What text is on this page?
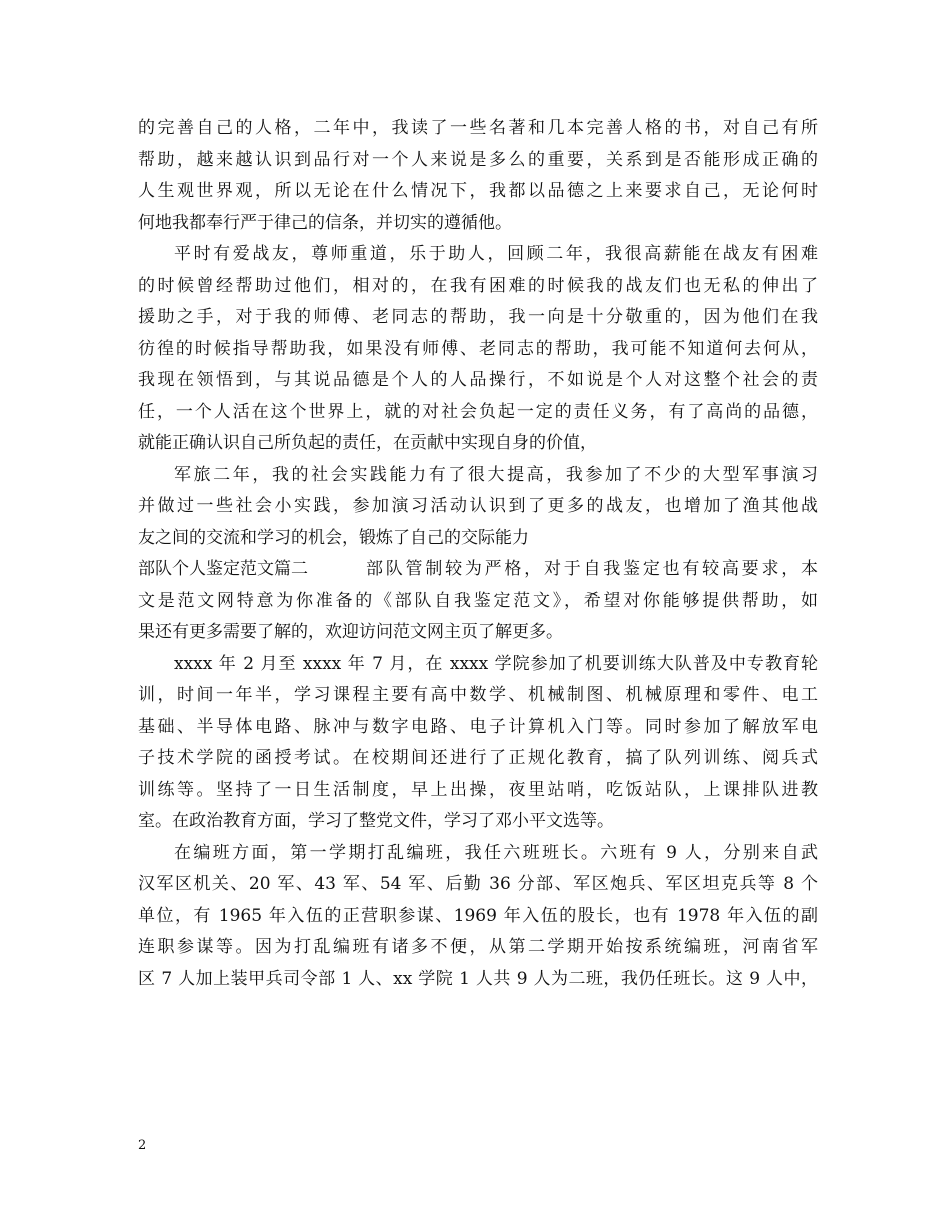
的完善自己的人格，二年中，我读了一些名著和几本完善人格的书，对自己有所
帮助，越来越认识到品行对一个人来说是多么的重要，关系到是否能形成正确的
人生观世界观，所以无论在什么情况下，我都以品德之上来要求自己，无论何时
何地我都奉行严于律己的信条，并切实的遵循他。
平时有爱战友，尊师重道，乐于助人，回顾二年，我很高薪能在战友有困难
的时候曾经帮助过他们，相对的，在我有困难的时候我的战友们也无私的伸出了
援助之手，对于我的师傅、老同志的帮助，我一向是十分敬重的，因为他们在我
彷徨的时候指导帮助我，如果没有师傅、老同志的帮助，我可能不知道何去何从，
我现在领悟到，与其说品德是个人的人品操行，不如说是个人对这整个社会的责
任，一个人活在这个世界上，就的对社会负起一定的责任义务，有了高尚的品德，
就能正确认识自己所负起的责任，在贡献中实现自身的价值，
军旅二年，我的社会实践能力有了很大提高，我参加了不少的大型军事演习
并做过一些社会小实践，参加演习活动认识到了更多的战友，也增加了渔其他战
友之间的交流和学习的机会，锻炼了自己的交际能力
部队个人鉴定范文篇二	部队管制较为严格，对于自我鉴定也有较高要求，本
文是范文网特意为你准备的《部队自我鉴定范文》，希望对你能够提供帮助，如
果还有更多需要了解的，欢迎访问范文网主页了解更多。
xxxx 年 2 月至 xxxx 年 7 月，在 xxxx 学院参加了机要训练大队普及中专教育轮
训，时间一年半，学习课程主要有高中数学、机械制图、机械原理和零件、电工
基础、半导体电路、脉冲与数字电路、电子计算机入门等。同时参加了解放军电
子技术学院的函授考试。在校期间还进行了正规化教育，搞了队列训练、阅兵式
训练等。坚持了一日生活制度，早上出操，夜里站哨，吃饭站队，上课排队进教
室。在政治教育方面，学习了整党文件，学习了邓小平文选等。
在编班方面，第一学期打乱编班，我任六班班长。六班有 9 人，分别来自武
汉军区机关、20 军、43 军、54 军、后勤 36 分部、军区炮兵、军区坦克兵等 8 个
单位，有 1965 年入伍的正营职参谋、1969 年入伍的股长，也有 1978 年入伍的副
连职参谋等。因为打乱编班有诸多不便，从第二学期开始按系统编班，河南省军
区 7 人加上装甲兵司令部 1 人、xx 学院 1 人共 9 人为二班，我仍任班长。这 9 人中，
2
